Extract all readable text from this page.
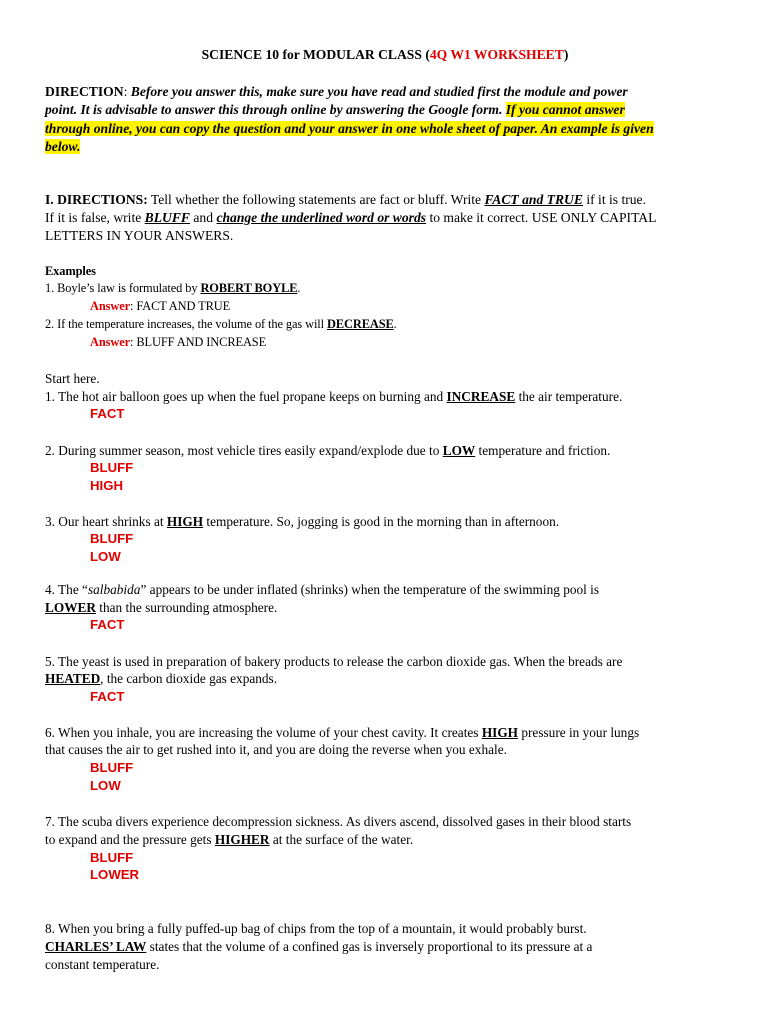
SCIENCE 10 for MODULAR CLASS (4Q W1 WORKSHEET)
DIRECTION: Before you answer this, make sure you have read and studied first the module and power
point. It is advisable to answer this through online by answering the Google form. If you cannot answer
through online, you can copy the question and your answer in one whole sheet of paper. An example is given
below.
I. DIRECTIONS: Tell whether the following statements are fact or bluff. Write FACT and TRUE if it is true.
If it is false, write BLUFF and change the underlined word or words to make it correct. USE ONLY CAPITAL
LETTERS IN YOUR ANSWERS.
Examples
1. Boyle’s law is formulated by ROBERT BOYLE.
Answer: FACT AND TRUE
2. If the temperature increases, the volume of the gas will DECREASE.
Answer: BLUFF AND INCREASE
Start here.
1. The hot air balloon goes up when the fuel propane keeps on burning and INCREASE the air temperature.
FACT
2. During summer season, most vehicle tires easily expand/explode due to LOW temperature and friction.
BLUFF
HIGH
3. Our heart shrinks at HIGH temperature. So, jogging is good in the morning than in afternoon.
BLUFF
LOW
4. The “salbabida” appears to be under inflated (shrinks) when the temperature of the swimming pool is
LOWER than the surrounding atmosphere.
FACT
5. The yeast is used in preparation of bakery products to release the carbon dioxide gas. When the breads are
HEATED, the carbon dioxide gas expands.
FACT
6. When you inhale, you are increasing the volume of your chest cavity. It creates HIGH pressure in your lungs
that causes the air to get rushed into it, and you are doing the reverse when you exhale.
BLUFF
LOW
7. The scuba divers experience decompression sickness. As divers ascend, dissolved gases in their blood starts
to expand and the pressure gets HIGHER at the surface of the water.
BLUFF
LOWER
8. When you bring a fully puffed-up bag of chips from the top of a mountain, it would probably burst.
CHARLES’ LAW states that the volume of a confined gas is inversely proportional to its pressure at a
constant temperature.
